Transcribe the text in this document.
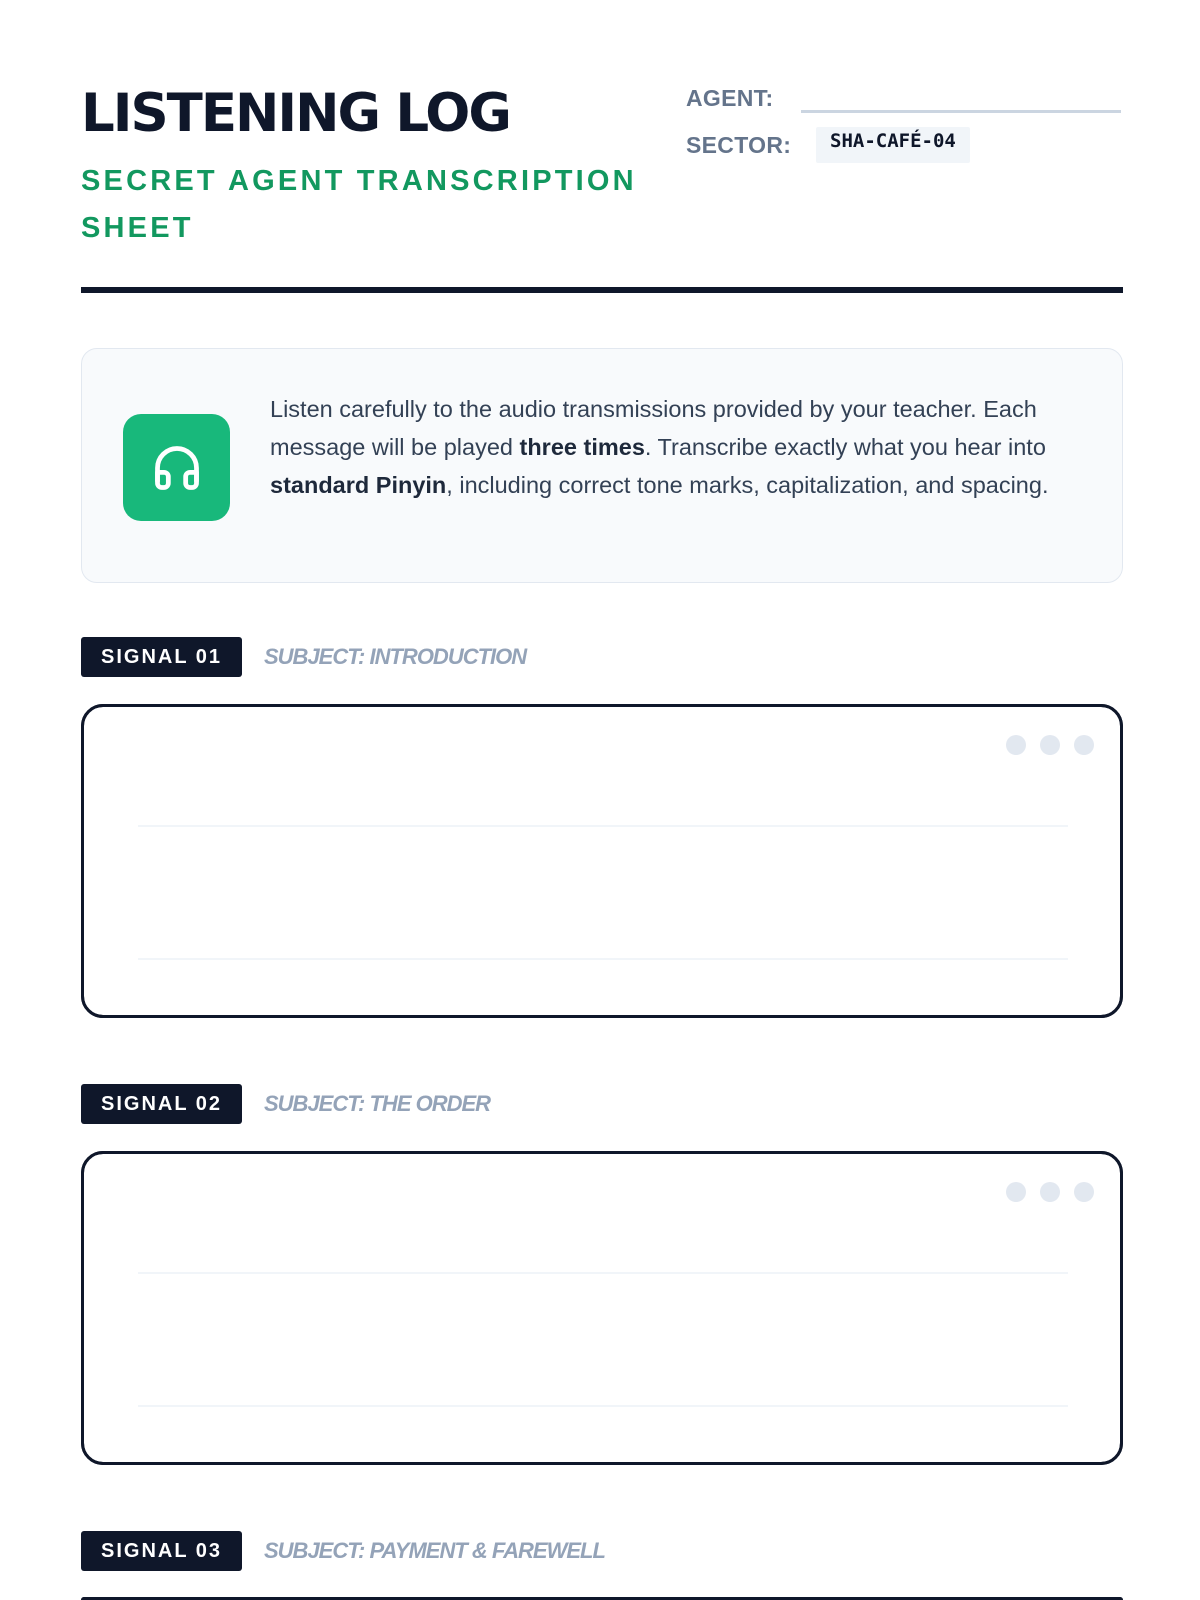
LISTENING LOG
SECRET AGENT TRANSCRIPTION SHEET
AGENT:
SECTOR:	SHA-CAFÉ-04
Listen carefully to the audio transmissions provided by your teacher. Each message will be played three times. Transcribe exactly what you hear into standard Pinyin, including correct tone marks, capitalization, and spacing.
SIGNAL 01	SUBJECT: INTRODUCTION
SIGNAL 02	SUBJECT: THE ORDER
SIGNAL 03	SUBJECT: PAYMENT & FAREWELL
